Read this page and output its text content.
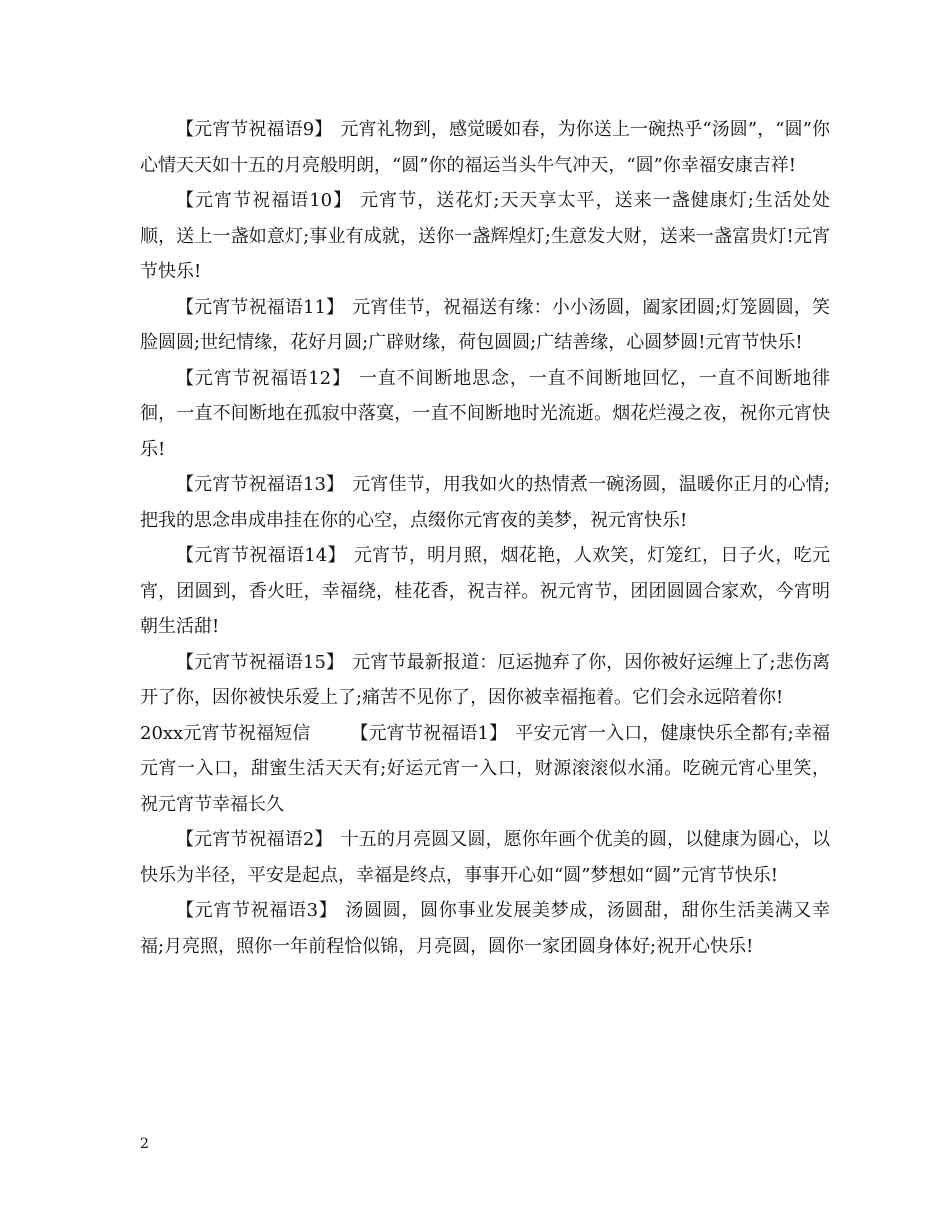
【元宵节祝福语9】 元宵礼物到，感觉暖如春，为你送上一碗热乎“汤圆”，“圆”你心情天天如十五的月亮般明朗，“圆”你的福运当头牛气冲天，“圆”你幸福安康吉祥!

【元宵节祝福语10】 元宵节，送花灯;天天享太平，送来一盏健康灯;生活处处顺，送上一盏如意灯;事业有成就，送你一盏辉煌灯;生意发大财，送来一盏富贵灯!元宵节快乐!

【元宵节祝福语11】 元宵佳节，祝福送有缘：小小汤圆，阖家团圆;灯笼圆圆，笑脸圆圆;世纪情缘，花好月圆;广辟财缘，荷包圆圆;广结善缘，心圆梦圆!元宵节快乐!

【元宵节祝福语12】 一直不间断地思念，一直不间断地回忆，一直不间断地徘徊，一直不间断地在孤寂中落寞，一直不间断地时光流逝。烟花烂漫之夜，祝你元宵快乐!

【元宵节祝福语13】 元宵佳节，用我如火的热情煮一碗汤圆，温暖你正月的心情;把我的思念串成串挂在你的心空，点缀你元宵夜的美梦，祝元宵快乐!

【元宵节祝福语14】 元宵节，明月照，烟花艳，人欢笑，灯笼红，日子火，吃元宵，团圆到，香火旺，幸福绕，桂花香，祝吉祥。祝元宵节，团团圆圆合家欢，今宵明朝生活甜!

【元宵节祝福语15】 元宵节最新报道：厄运抛弃了你，因你被好运缠上了;悲伤离开了你，因你被快乐爱上了;痛苦不见你了，因你被幸福拖着。它们会永远陪着你!

20xx元宵节祝福短信 【元宵节祝福语1】 平安元宵一入口，健康快乐全都有;幸福元宵一入口，甜蜜生活天天有;好运元宵一入口，财源滚滚似水涌。吃碗元宵心里笑，祝元宵节幸福长久

【元宵节祝福语2】 十五的月亮圆又圆，愿你年画个优美的圆，以健康为圆心，以快乐为半径，平安是起点，幸福是终点，事事开心如“圆”梦想如“圆”元宵节快乐!

【元宵节祝福语3】 汤圆圆，圆你事业发展美梦成，汤圆甜，甜你生活美满又幸福;月亮照，照你一年前程恰似锦，月亮圆，圆你一家团圆身体好;祝开心快乐!

2
